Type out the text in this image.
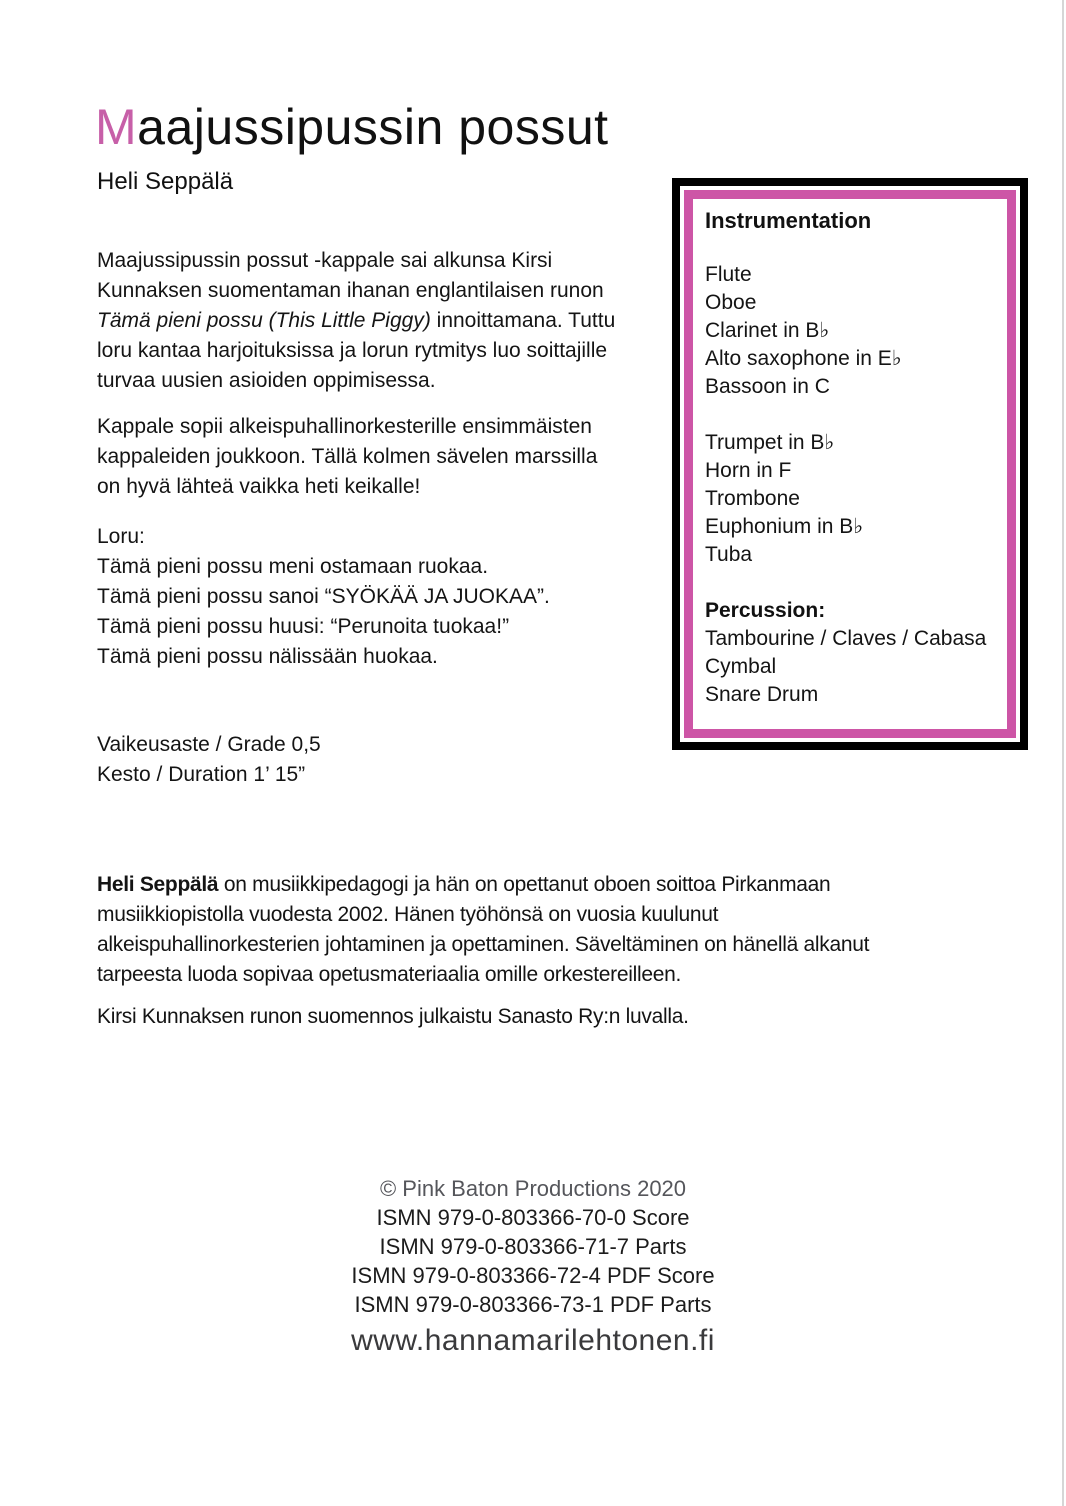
Maajussipussin possut
Heli Seppälä
Maajussipussin possut -kappale sai alkunsa Kirsi
Kunnaksen suomentaman ihanan englantilaisen runon
Tämä pieni possu (This Little Piggy) innoittamana. Tuttu
loru kantaa harjoituksissa ja lorun rytmitys luo soittajille
turvaa uusien asioiden oppimisessa.
Kappale sopii alkeispuhallinorkesterille ensimmäisten
kappaleiden joukkoon. Tällä kolmen sävelen marssilla
on hyvä lähteä vaikka heti keikalle!
Loru:
Tämä pieni possu meni ostamaan ruokaa.
Tämä pieni possu sanoi “SYÖKÄÄ JA JUOKAA”.
Tämä pieni possu huusi: “Perunoita tuokaa!”
Tämä pieni possu nälissään huokaa.
Vaikeusaste / Grade 0,5
Kesto / Duration 1’ 15”
Instrumentation
Flute
Oboe
Clarinet in B♭
Alto saxophone in E♭
Bassoon in C
Trumpet in B♭
Horn in F
Trombone
Euphonium in B♭
Tuba
Percussion:
Tambourine / Claves / Cabasa
Cymbal
Snare Drum
Heli Seppälä on musiikkipedagogi ja hän on opettanut oboen soittoa Pirkanmaan
musiikkiopistolla vuodesta 2002. Hänen työhönsä on vuosia kuulunut
alkeispuhallinorkesterien johtaminen ja opettaminen. Säveltäminen on hänellä alkanut
tarpeesta luoda sopivaa opetusmateriaalia omille orkestereilleen.
Kirsi Kunnaksen runon suomennos julkaistu Sanasto Ry:n luvalla.
© Pink Baton Productions 2020
ISMN 979-0-803366-70-0 Score
ISMN 979-0-803366-71-7 Parts
ISMN 979-0-803366-72-4 PDF Score
ISMN 979-0-803366-73-1 PDF Parts
www.hannamarilehtonen.fi
